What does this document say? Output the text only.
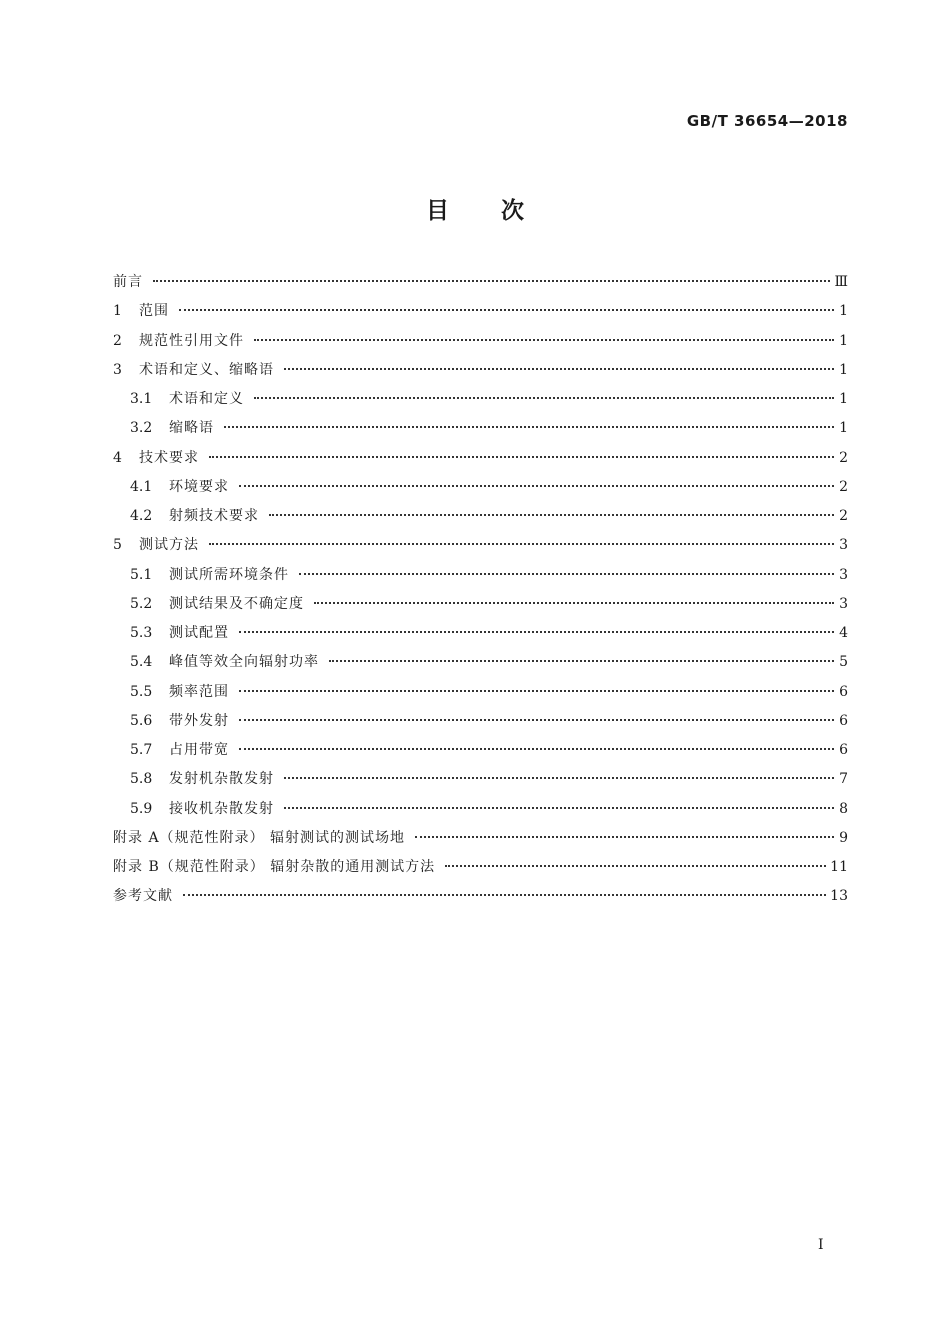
GB/T 36654—2018
目次
前言	Ⅲ
1	范围	1
2	规范性引用文件	1
3	术语和定义、缩略语	1
3.1	术语和定义	1
3.2	缩略语	1
4	技术要求	2
4.1	环境要求	2
4.2	射频技术要求	2
5	测试方法	3
5.1	测试所需环境条件	3
5.2	测试结果及不确定度	3
5.3	测试配置	4
5.4	峰值等效全向辐射功率	5
5.5	频率范围	6
5.6	带外发射	6
5.7	占用带宽	6
5.8	发射机杂散发射	7
5.9	接收机杂散发射	8
附录 A（规范性附录） 辐射测试的测试场地	9
附录 B（规范性附录） 辐射杂散的通用测试方法	11
参考文献	13
I
